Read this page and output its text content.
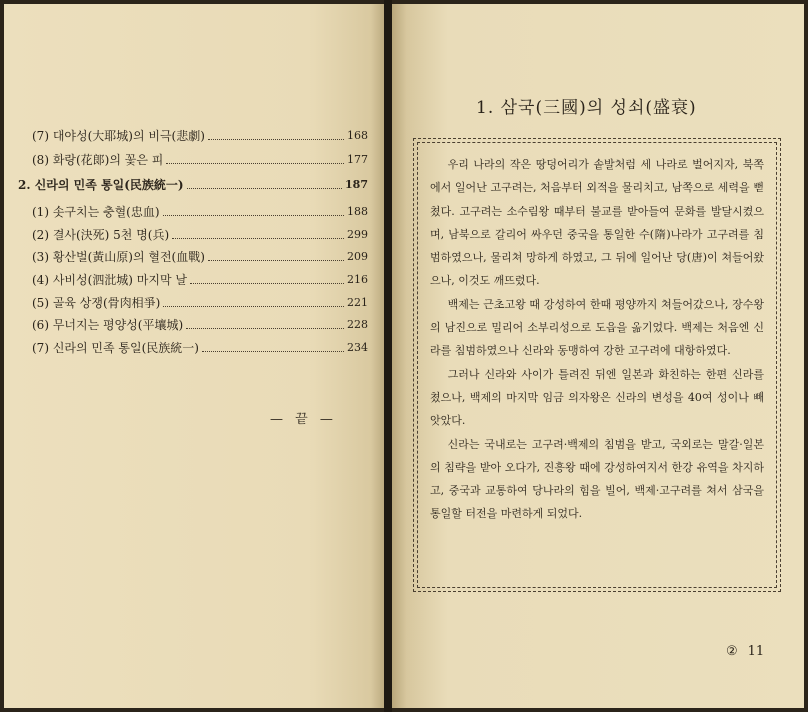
(7) 대야성(大耶城)의 비극(悲劇)	168
(8) 화랑(花郞)의 꽃은 피	177
2. 신라의 민족 통일(民族統一)	187
(1) 솟구치는 충혈(忠血)	188
(2) 결사(決死) 5천 명(兵)	299
(3) 황산벌(黃山原)의 혈전(血戰)	209
(4) 사비성(泗沘城) 마지막 날	216
(5) 골육 상쟁(骨肉相爭)	221
(6) 무너지는 평양성(平壤城)	228
(7) 신라의 민족 통일(民族統一)	234
— 끝 —
1. 삼국(三國)의 성쇠(盛衰)

우리 나라의 작은 땅덩어리가 솥발처럼 세 나라로 벌어지자, 북쪽에서 일어난 고구려는, 처음부터 외적을 물리치고, 남쪽으로 세력을 뻗쳤다. 고구려는 소수림왕 때부터 불교를 받아들여 문화를 발달시켰으며, 남북으로 갈리어 싸우던 중국을 통일한 수(隋)나라가 고구려를 침범하였으나, 물리쳐 망하게 하였고, 그 뒤에 일어난 당(唐)이 쳐들어왔으나, 이것도 깨뜨렸다.

백제는 근초고왕 때 강성하여 한때 평양까지 쳐들어갔으나, 장수왕의 남진으로 밀리어 소부리성으로 도읍을 옮기었다. 백제는 처음엔 신라를 침범하였으나 신라와 동맹하여 강한 고구려에 대항하였다.

그러나 신라와 사이가 틀려진 뒤엔 일본과 화친하는 한편 신라를 쳤으나, 백제의 마지막 임금 의자왕은 신라의 변성을 40여 성이나 빼앗았다.

신라는 국내로는 고구려·백제의 침범을 받고, 국외로는 말갈·일본의 침략을 받아 오다가, 진흥왕 때에 강성하여지서 한강 유역을 차지하고, 중국과 교통하여 당나라의 힘을 빌어, 백제·고구려를 쳐서 삼국을 통일할 터전을 마련하게 되었다.

② 11
